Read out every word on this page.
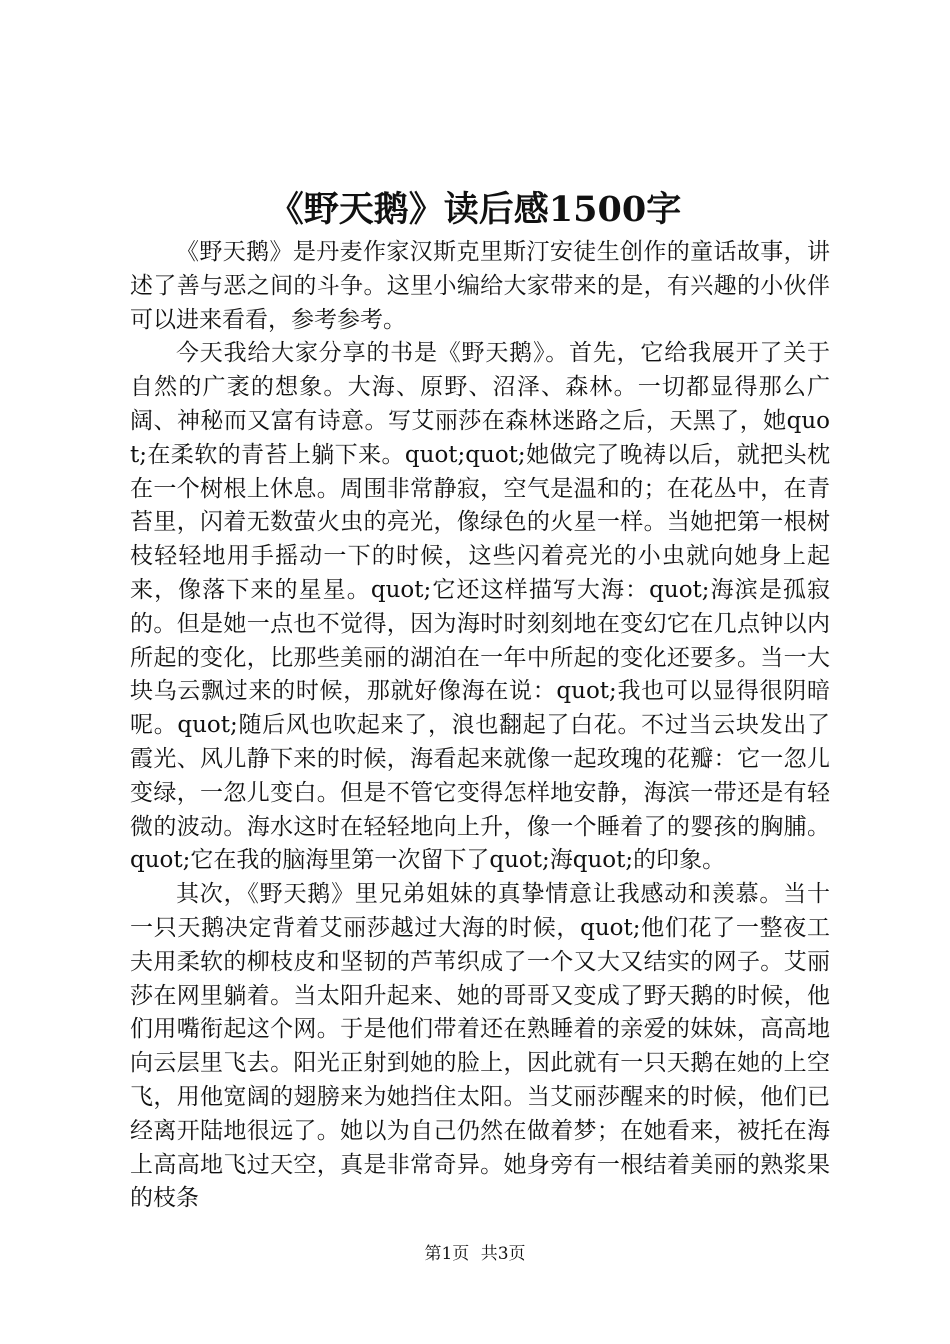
《野天鹅》读后感1500字

《野天鹅》是丹麦作家汉斯克里斯汀安徒生创作的童话故事，讲述了善与恶之间的斗争。这里小编给大家带来的是，有兴趣的小伙伴可以进来看看，参考参考。

今天我给大家分享的书是《野天鹅》。首先，它给我展开了关于自然的广袤的想象。大海、原野、沼泽、森林。一切都显得那么广阔、神秘而又富有诗意。写艾丽莎在森林迷路之后，天黑了，她quot;在柔软的青苔上躺下来。quot;quot;她做完了晚祷以后，就把头枕在一个树根上休息。周围非常静寂，空气是温和的；在花丛中，在青苔里，闪着无数萤火虫的亮光，像绿色的火星一样。当她把第一根树枝轻轻地用手摇动一下的时候，这些闪着亮光的小虫就向她身上起来，像落下来的星星。quot;它还这样描写大海：quot;海滨是孤寂的。但是她一点也不觉得，因为海时时刻刻地在变幻它在几点钟以内所起的变化，比那些美丽的湖泊在一年中所起的变化还要多。当一大块乌云飘过来的时候，那就好像海在说：quot;我也可以显得很阴暗呢。quot;随后风也吹起来了，浪也翻起了白花。不过当云块发出了霞光、风儿静下来的时候，海看起来就像一起玫瑰的花瓣：它一忽儿变绿，一忽儿变白。但是不管它变得怎样地安静，海滨一带还是有轻微的波动。海水这时在轻轻地向上升，像一个睡着了的婴孩的胸脯。quot;它在我的脑海里第一次留下了quot;海quot;的印象。

其次，《野天鹅》里兄弟姐妹的真挚情意让我感动和羡慕。当十一只天鹅决定背着艾丽莎越过大海的时候，quot;他们花了一整夜工夫用柔软的柳枝皮和坚韧的芦苇织成了一个又大又结实的网子。艾丽莎在网里躺着。当太阳升起来、她的哥哥又变成了野天鹅的时候，他们用嘴衔起这个网。于是他们带着还在熟睡着的亲爱的妹妹，高高地向云层里飞去。阳光正射到她的脸上，因此就有一只天鹅在她的上空飞，用他宽阔的翅膀来为她挡住太阳。当艾丽莎醒来的时候，他们已经离开陆地很远了。她以为自己仍然在做着梦；在她看来，被托在海上高高地飞过天空，真是非常奇异。她身旁有一根结着美丽的熟浆果的枝条

第1页 共3页
